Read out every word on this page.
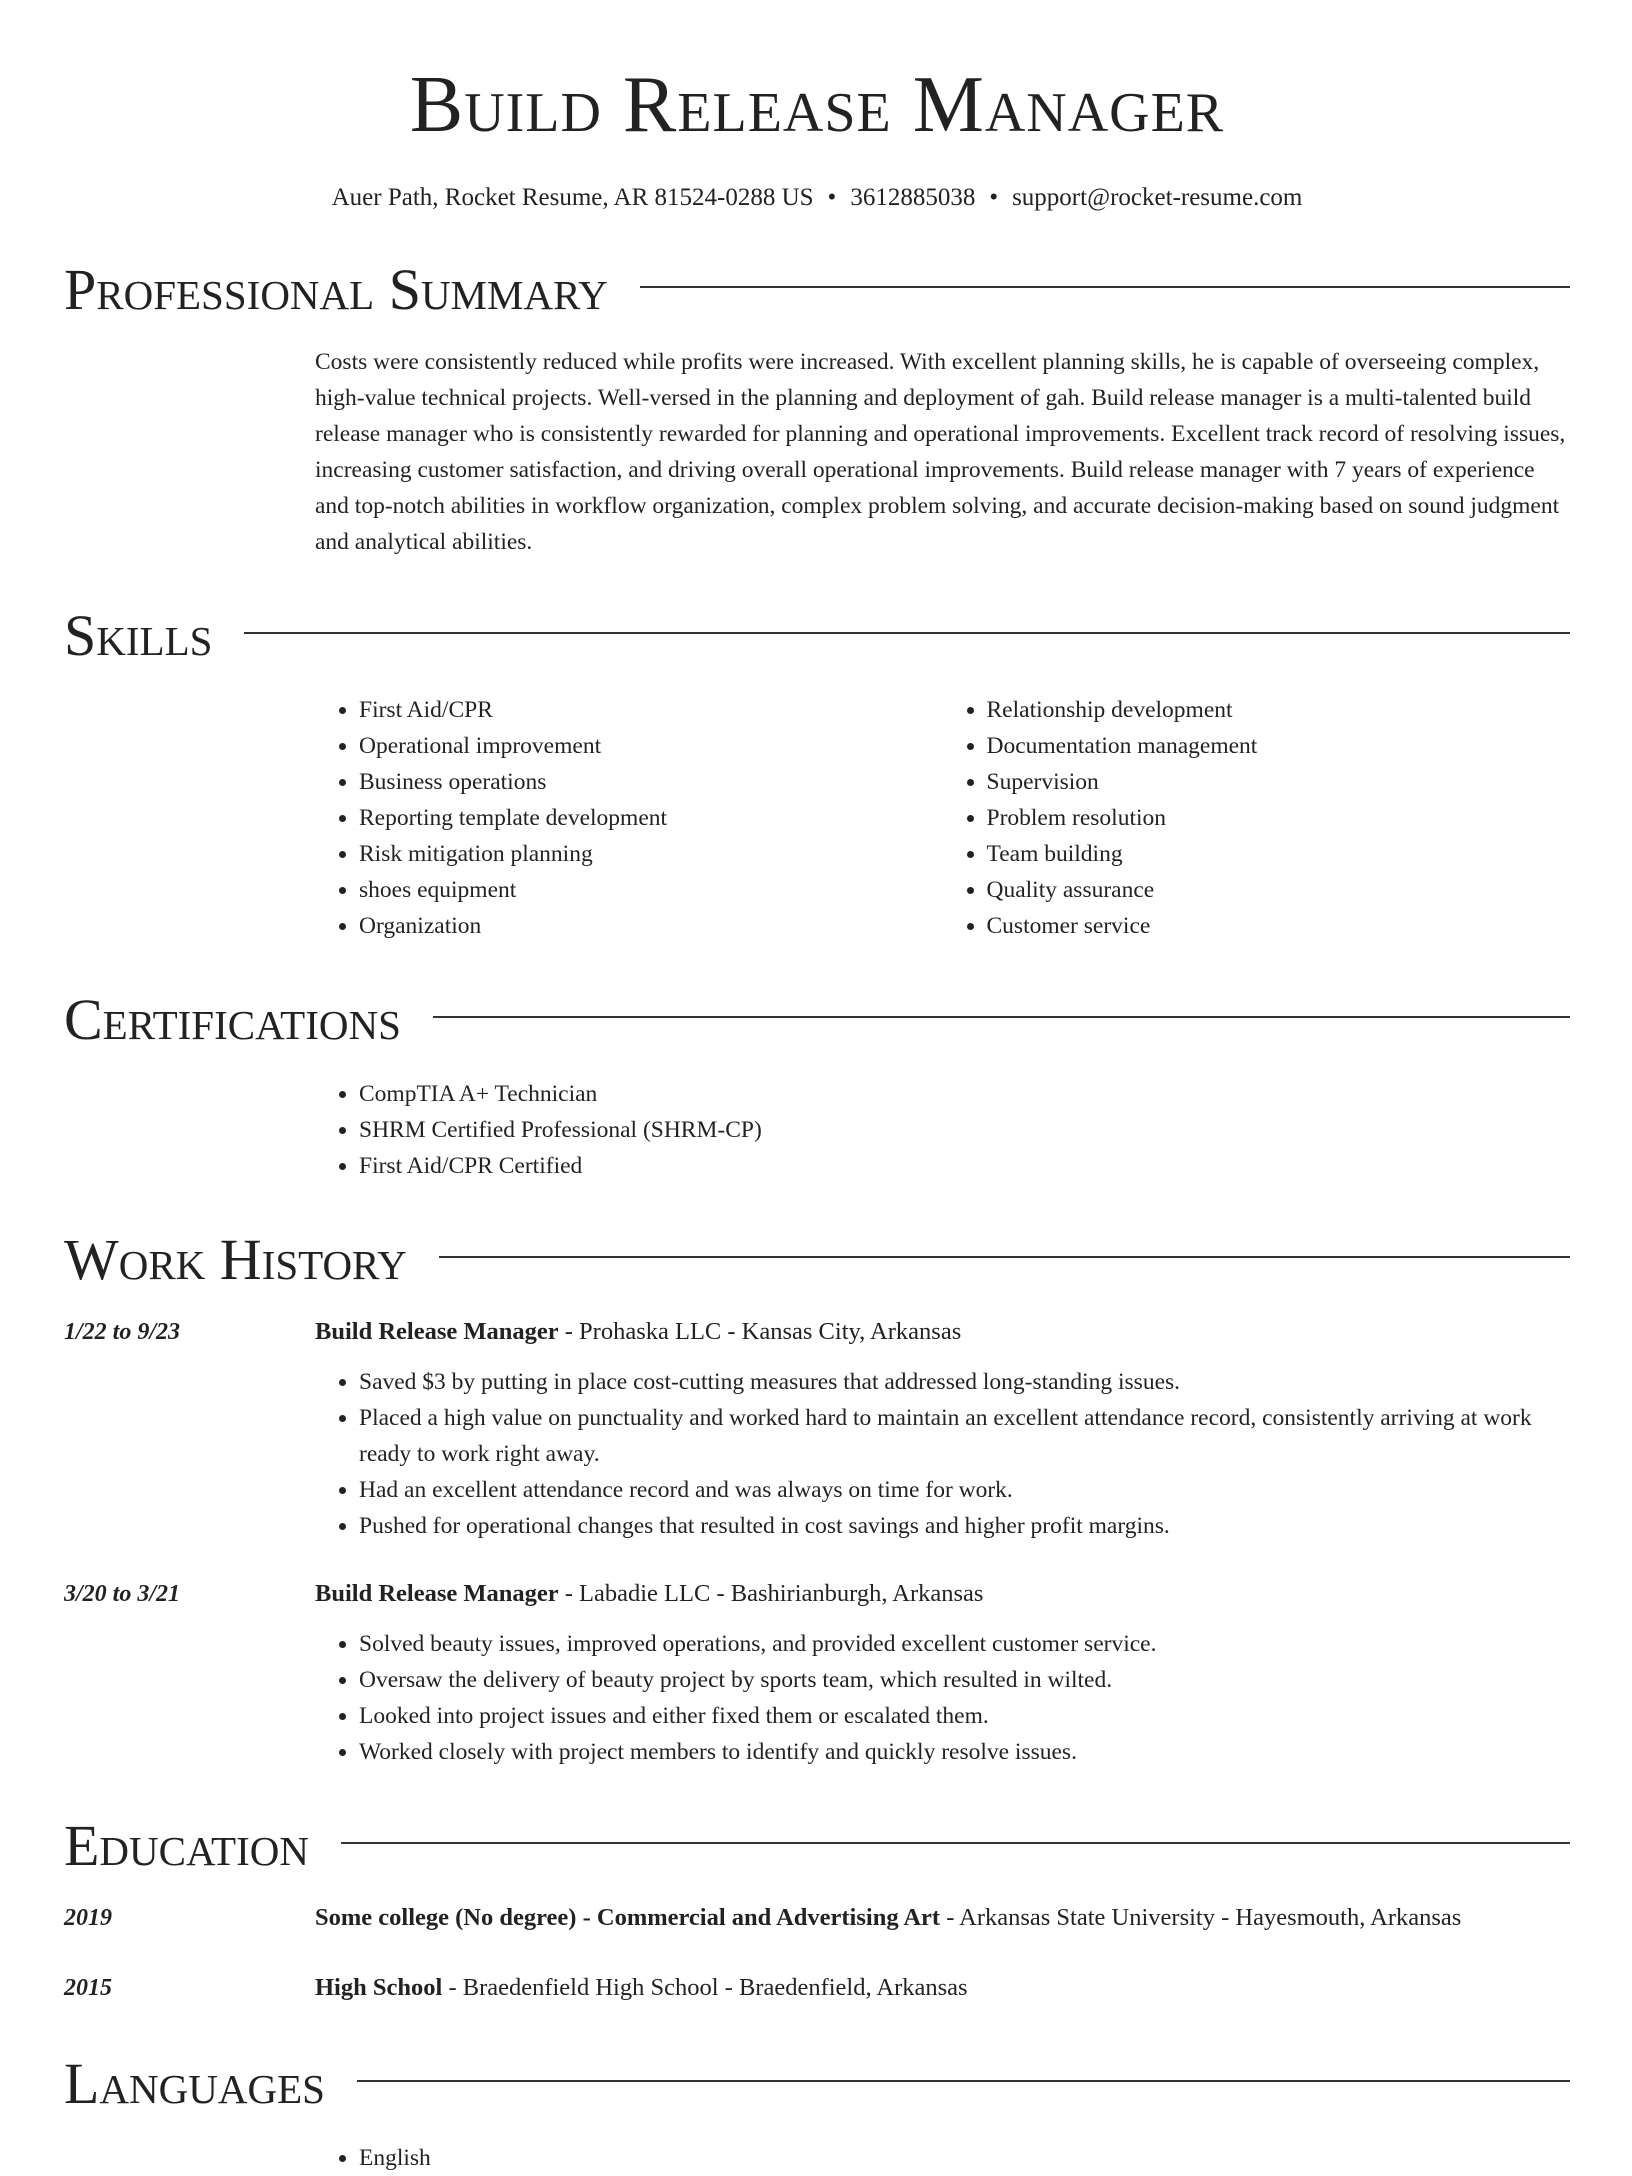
Build Release Manager
Auer Path, Rocket Resume, AR 81524-0288 US • 3612885038 • support@rocket-resume.com
Professional Summary
Costs were consistently reduced while profits were increased. With excellent planning skills, he is capable of overseeing complex, high-value technical projects. Well-versed in the planning and deployment of gah. Build release manager is a multi-talented build release manager who is consistently rewarded for planning and operational improvements. Excellent track record of resolving issues, increasing customer satisfaction, and driving overall operational improvements. Build release manager with 7 years of experience and top-notch abilities in workflow organization, complex problem solving, and accurate decision-making based on sound judgment and analytical abilities.
Skills
• First Aid/CPR
• Operational improvement
• Business operations
• Reporting template development
• Risk mitigation planning
• shoes equipment
• Organization
• Relationship development
• Documentation management
• Supervision
• Problem resolution
• Team building
• Quality assurance
• Customer service
Certifications
• CompTIA A+ Technician
• SHRM Certified Professional (SHRM-CP)
• First Aid/CPR Certified
Work History
1/22 to 9/23	Build Release Manager - Prohaska LLC - Kansas City, Arkansas
• Saved $3 by putting in place cost-cutting measures that addressed long-standing issues.
• Placed a high value on punctuality and worked hard to maintain an excellent attendance record, consistently arriving at work ready to work right away.
• Had an excellent attendance record and was always on time for work.
• Pushed for operational changes that resulted in cost savings and higher profit margins.
3/20 to 3/21	Build Release Manager - Labadie LLC - Bashirianburgh, Arkansas
• Solved beauty issues, improved operations, and provided excellent customer service.
• Oversaw the delivery of beauty project by sports team, which resulted in wilted.
• Looked into project issues and either fixed them or escalated them.
• Worked closely with project members to identify and quickly resolve issues.
Education
2019	Some college (No degree) - Commercial and Advertising Art - Arkansas State University - Hayesmouth, Arkansas
2015	High School - Braedenfield High School - Braedenfield, Arkansas
Languages
• English
